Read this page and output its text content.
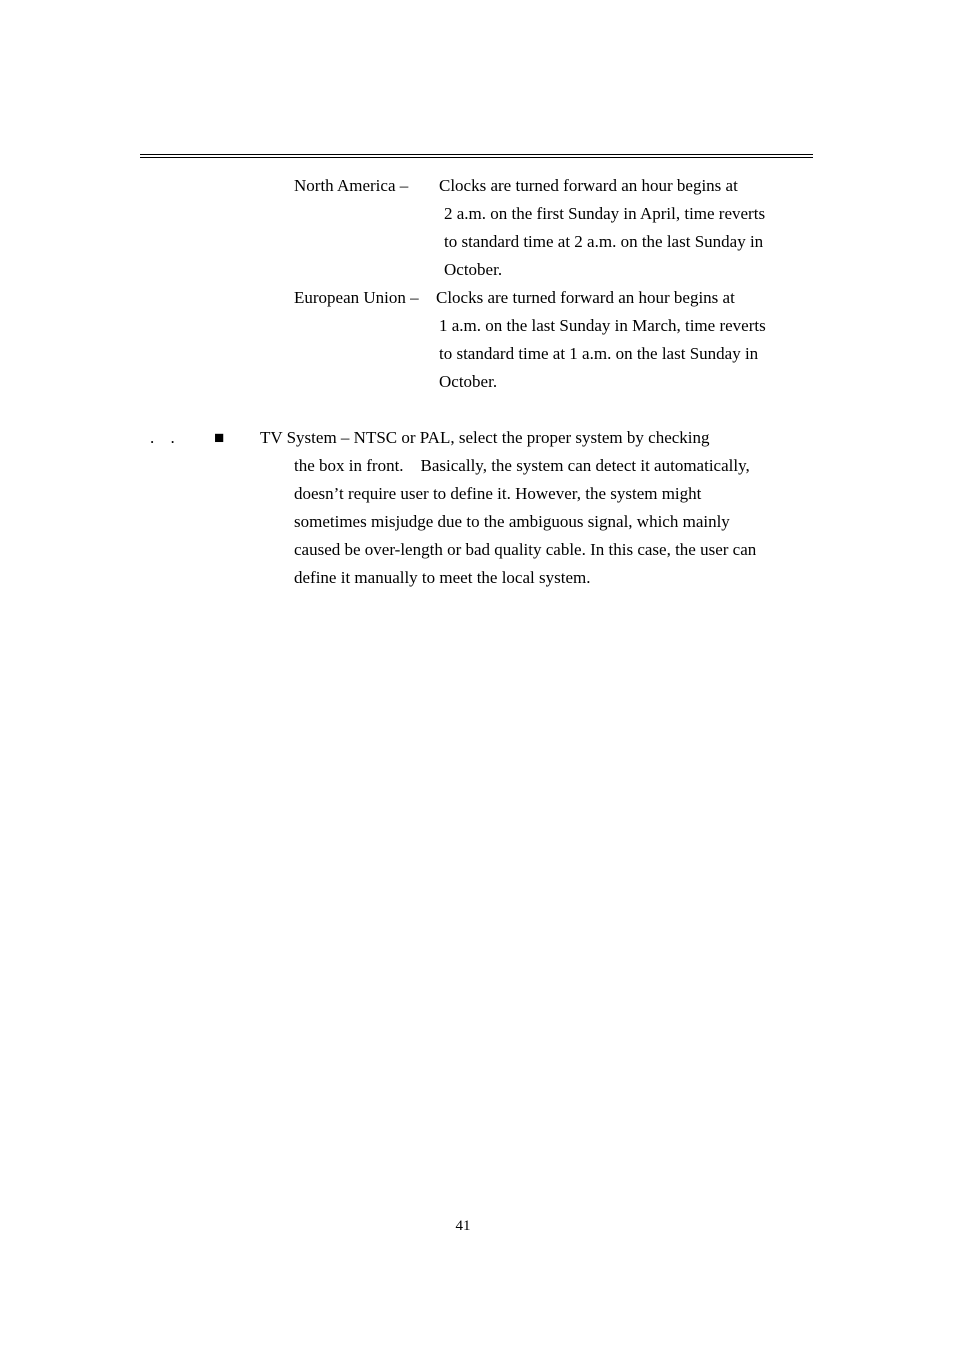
North America – Clocks are turned forward an hour begins at
2 a.m. on the first Sunday in April, time reverts
to standard time at 2 a.m. on the last Sunday in
October.
European Union – Clocks are turned forward an hour begins at
1 a.m. on the last Sunday in March, time reverts
to standard time at 1 a.m. on the last Sunday in
October.
. . ■	TV System – NTSC or PAL, select the proper system by checking
the box in front.    Basically, the system can detect it automatically,
doesn’t require user to define it. However, the system might
sometimes misjudge due to the ambiguous signal, which mainly
caused be over-length or bad quality cable. In this case, the user can
define it manually to meet the local system.
41
